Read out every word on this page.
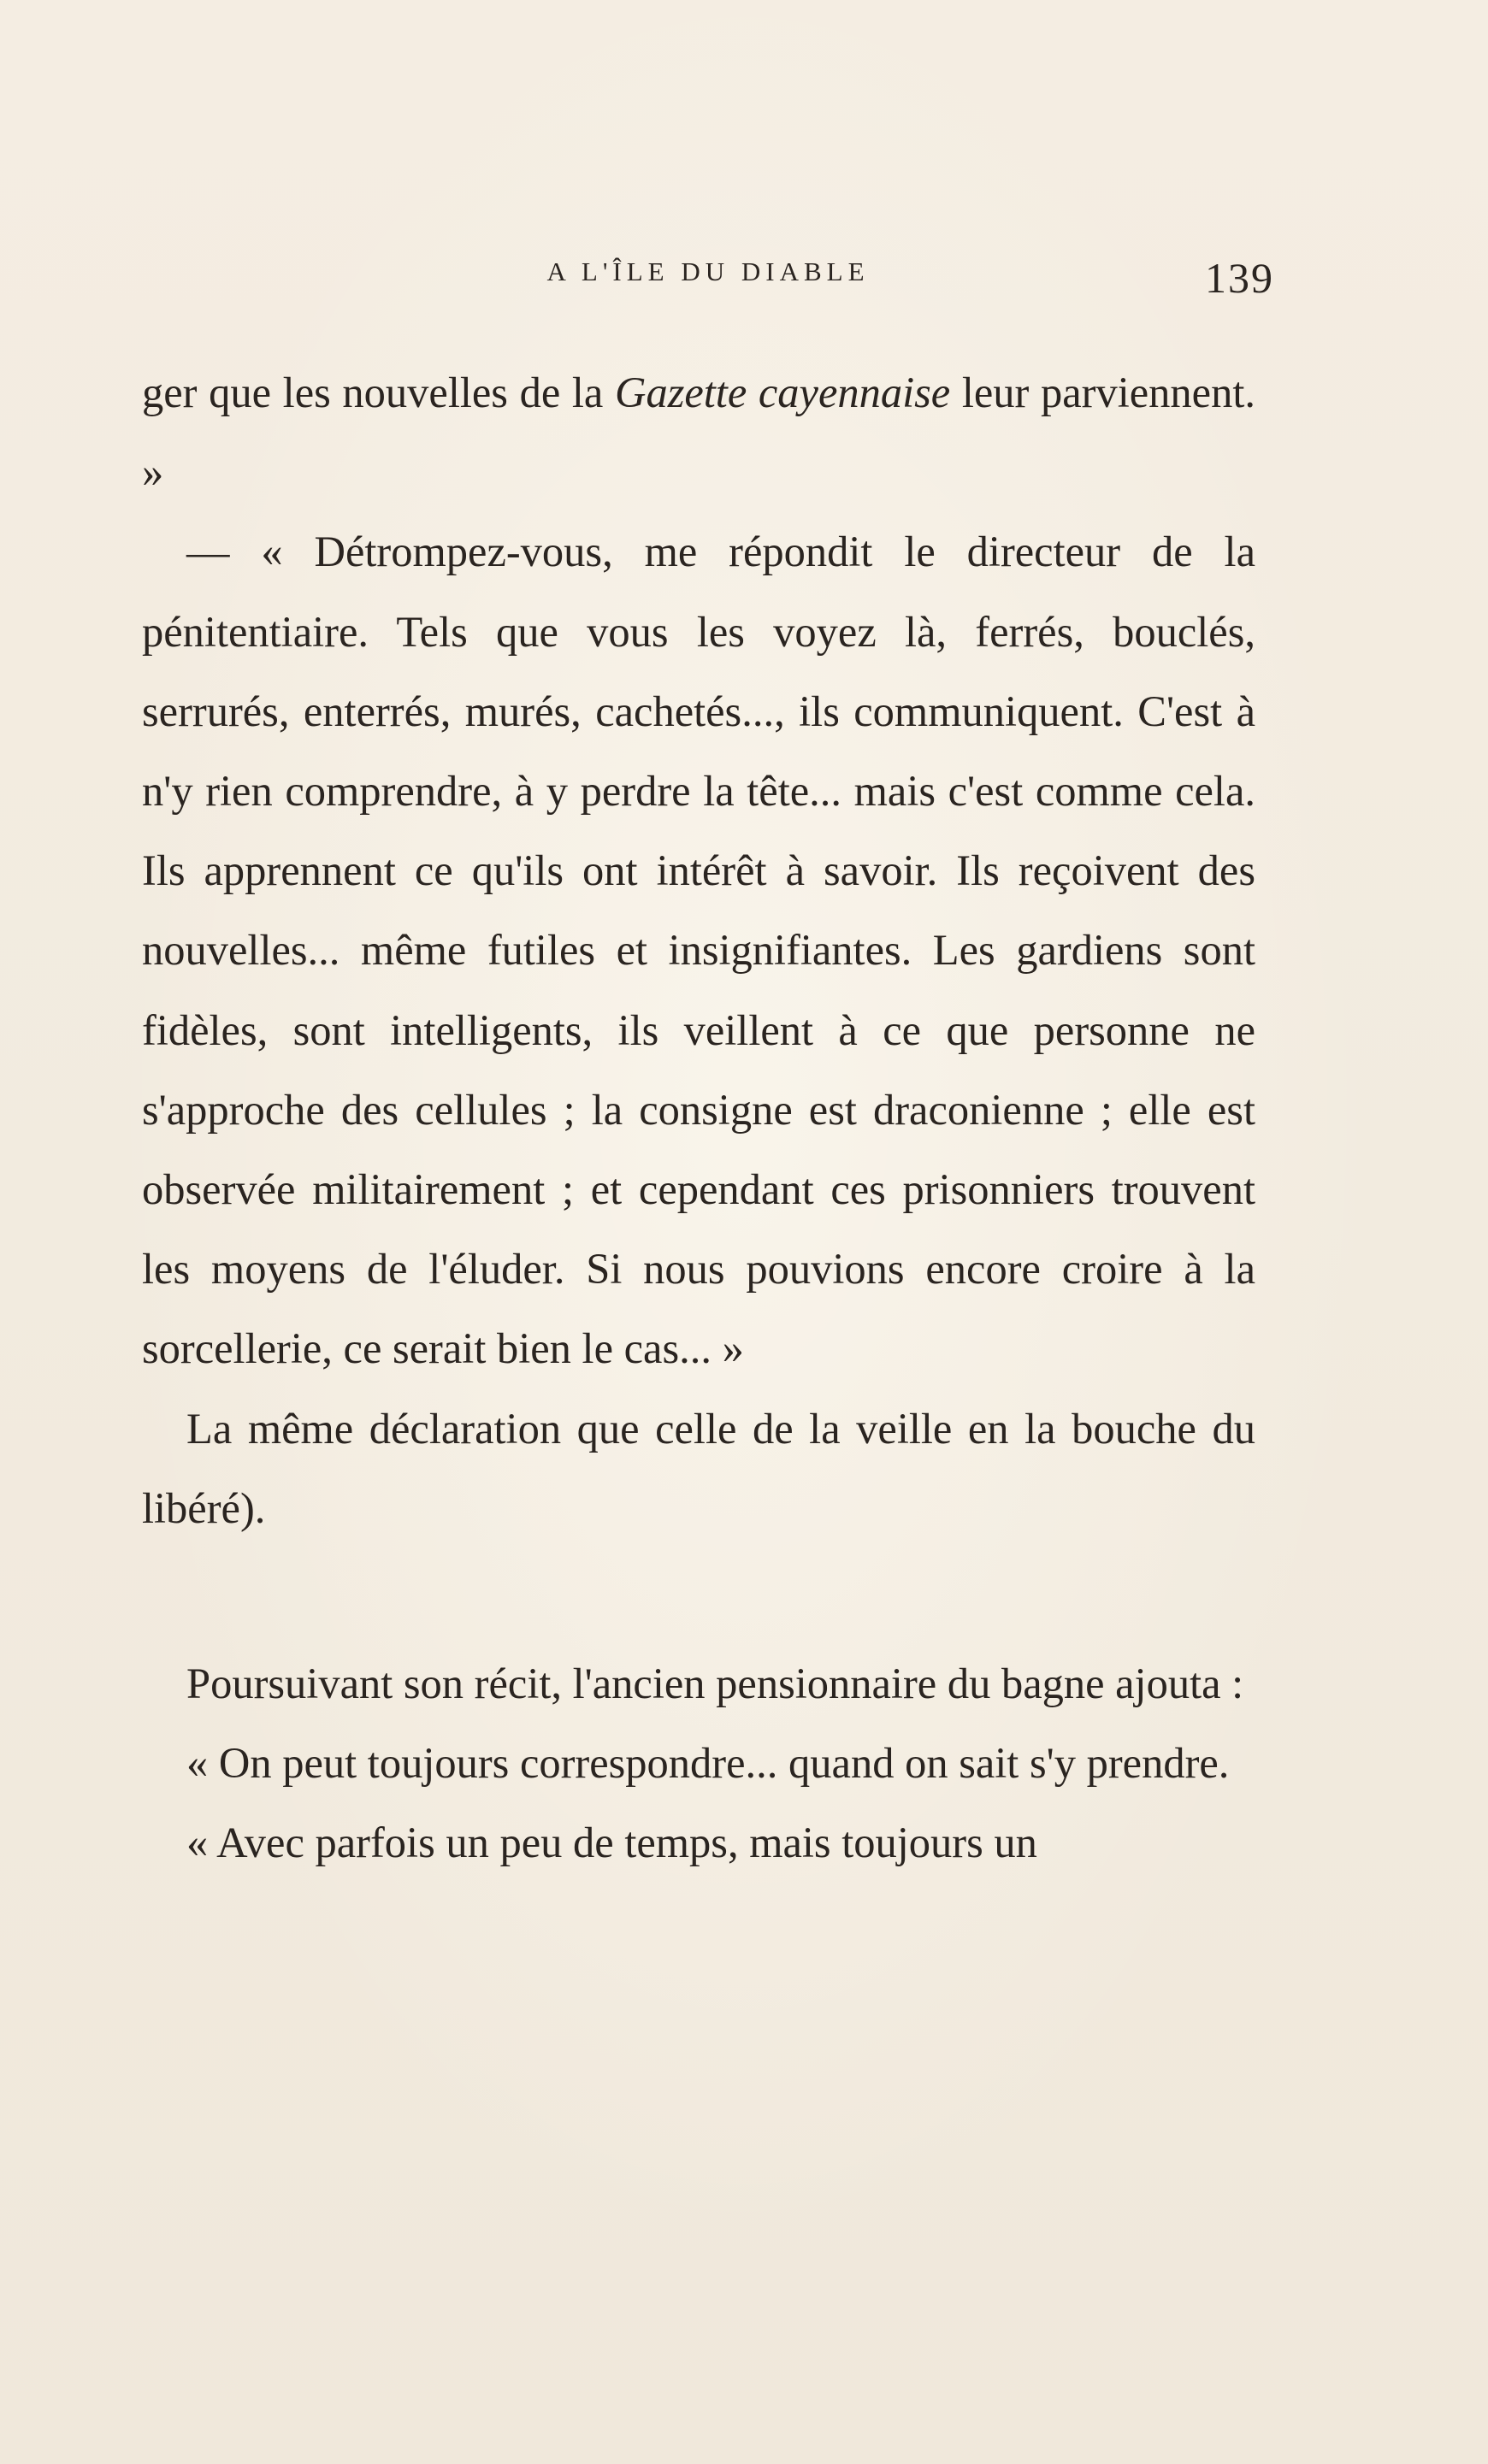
A L'ÎLE DU DIABLE	139

ger que les nouvelles de la Gazette cayennaise leur parviennent. »

— « Détrompez-vous, me répondit le directeur de la pénitentiaire. Tels que vous les voyez là, ferrés, bouclés, serrurés, enterrés, murés, cachetés..., ils communiquent. C'est à n'y rien comprendre, à y perdre la tête... mais c'est comme cela. Ils apprennent ce qu'ils ont intérêt à savoir. Ils reçoivent des nouvelles... même futiles et insignifiantes. Les gardiens sont fidèles, sont intelligents, ils veillent à ce que personne ne s'approche des cellules ; la consigne est draconienne ; elle est observée militairement ; et cependant ces prisonniers trouvent les moyens de l'éluder. Si nous pouvions encore croire à la sorcellerie, ce serait bien le cas... »

La même déclaration que celle de la veille en la bouche du libéré).

Poursuivant son récit, l'ancien pensionnaire du bagne ajouta :

« On peut toujours correspondre... quand on sait s'y prendre.

« Avec parfois un peu de temps, mais toujours un
